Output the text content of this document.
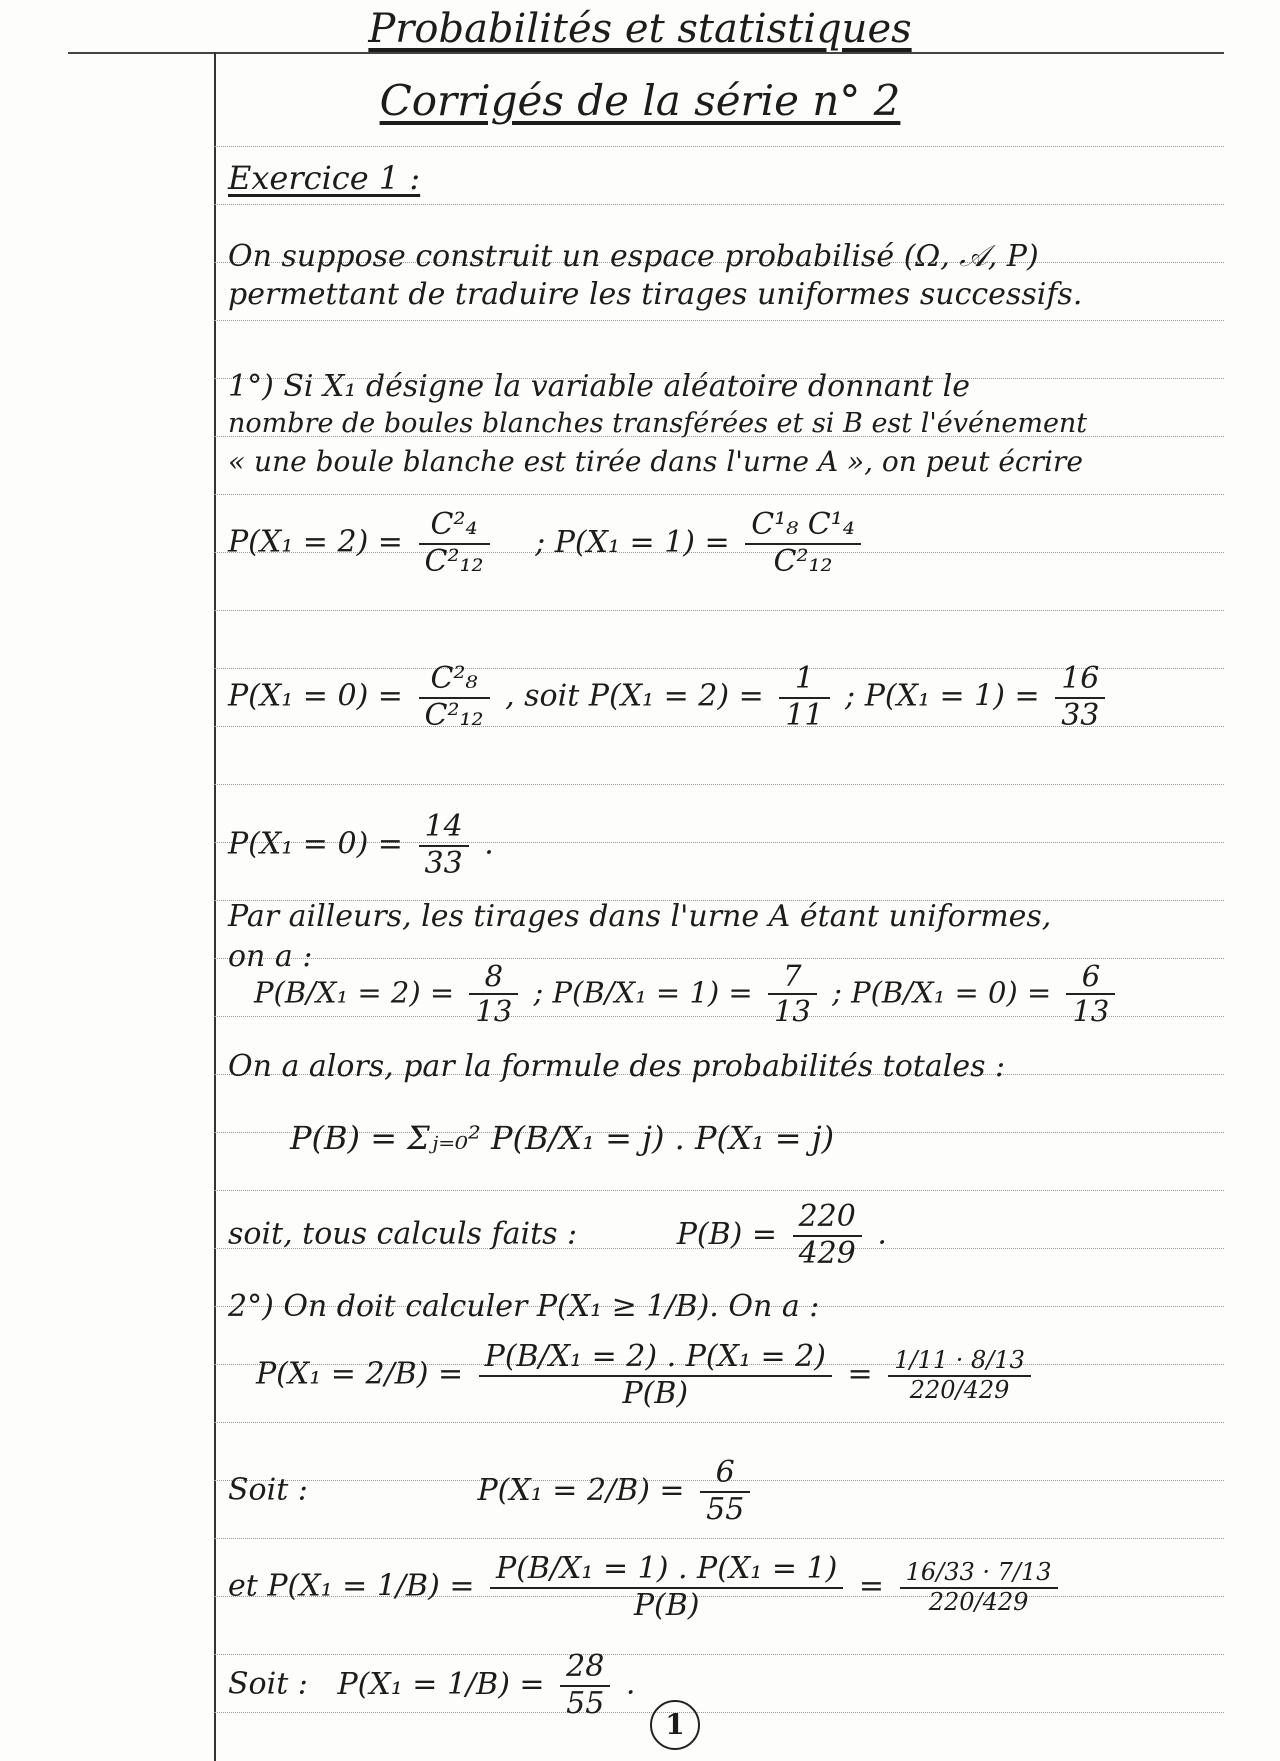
Probabilités et statistiques
Corrigés de la série n° 2
Exercice 1 :
On suppose construit un espace probabilisé (Ω, 𝒜, P)
permettant de traduire les tirages uniformes successifs.
1°) Si X₁ désigne la variable aléatoire donnant le
nombre de boules blanches transférées et si B est l'événement
« une boule blanche est tirée dans l'urne A », on peut écrire
$P(X_1 = 2) = \frac{\text{C²₄}}{\text{C²₁₂}}$ ; $P(X_1 = 1) = \frac{\text{C¹₈ C¹₄}}{\text{C²₁₂}}$
$P(X_1 = 0) = \frac{\text{C²₈}}{\text{C²₁₂}}$ , soit $P(X_1 = 2) = \frac{1}{11}$ ; $P(X_1 = 1) = \frac{16}{33}$
$P(X_1 = 0) = \frac{14}{33}$ .
Par ailleurs, les tirages dans l'urne A étant uniformes,
on a :
$P(B/X_1 = 2) = \frac{8}{13}$ ; $P(B/X_1 = 1) = \frac{7}{13}$ ; $P(B/X_1 = 0) = \frac{6}{13}$
On a alors, par la formule des probabilités totales :
P(B) = Σⱼ₌₀² P(B/X₁ = j) . P(X₁ = j)
soit, tous calculs faits :	$P(B) = \frac{220}{429}$ .
2°) On doit calculer P(X₁ ≥ 1/B). On a :
$P(X_1 = 2/B) = \frac{\text{P(B/X₁ = 2) . P(X₁ = 2)}}{P(B)} = \frac{1/11 \cdot 8/13}{220/429}$
Soit :	$P(X_1 = 2/B) = \frac{6}{55}$
et $P(X_1 = 1/B) = \frac{\text{P(B/X₁ = 1) . P(X₁ = 1)}}{P(B)} = \frac{16/33 \cdot 7/13}{220/429}$
Soit : $P(X_1 = 1/B) = \frac{28}{55}$ .
1
